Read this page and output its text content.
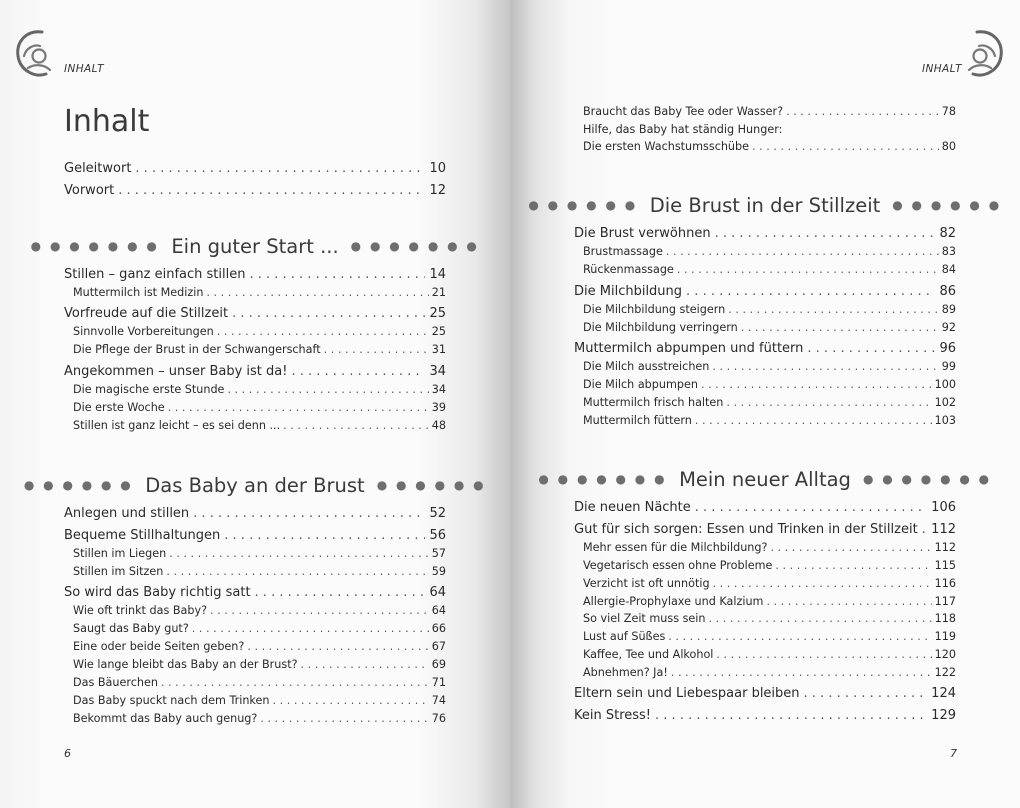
INHALT
Inhalt
Geleitwort . . .	10
Vorwort . . .	12
● ● ● ● ● ● ● Ein guter Start ... ● ● ● ● ● ● ●
Stillen – ganz einfach stillen . . .	14
Muttermilch ist Medizin . . .	21
Vorfreude auf die Stillzeit . . .	25
Sinnvolle Vorbereitungen . . .	25
Die Pflege der Brust in der Schwangerschaft . . .	31
Angekommen – unser Baby ist da! . . .	34
Die magische erste Stunde . . .	34
Die erste Woche . . .	39
Stillen ist ganz leicht – es sei denn ... . . .	48
● ● ● ● ● ● Das Baby an der Brust ● ● ● ● ● ●
Anlegen und stillen . . .	52
Bequeme Stillhaltungen . . .	56
Stillen im Liegen . . .	57
Stillen im Sitzen . . .	59
So wird das Baby richtig satt . . .	64
Wie oft trinkt das Baby? . . .	64
Saugt das Baby gut? . . .	66
Eine oder beide Seiten geben? . . .	67
Wie lange bleibt das Baby an der Brust? . . .	69
Das Bäuerchen . . .	71
Das Baby spuckt nach dem Trinken . . .	74
Bekommt das Baby auch genug? . . .	76
6
INHALT
Braucht das Baby Tee oder Wasser? . . .	78
Hilfe, das Baby hat ständig Hunger:
Die ersten Wachstumsschübe . . .	80
● ● ● ● ● ● Die Brust in der Stillzeit ● ● ● ● ● ●
Die Brust verwöhnen . . .	82
Brustmassage . . .	83
Rückenmassage . . .	84
Die Milchbildung . . .	86
Die Milchbildung steigern . . .	89
Die Milchbildung verringern . . .	92
Muttermilch abpumpen und füttern . . .	96
Die Milch ausstreichen . . .	99
Die Milch abpumpen . . .	100
Muttermilch frisch halten . . .	102
Muttermilch füttern . . .	103
● ● ● ● ● ● ● Mein neuer Alltag ● ● ● ● ● ● ●
Die neuen Nächte . . .	106
Gut für sich sorgen: Essen und Trinken in der Stillzeit . . . 112
Mehr essen für die Milchbildung? . . .	112
Vegetarisch essen ohne Probleme . . .	115
Verzicht ist oft unnötig . . .	116
Allergie-Prophylaxe und Kalzium . . .	117
So viel Zeit muss sein . . .	118
Lust auf Süßes . . .	119
Kaffee, Tee und Alkohol . . .	120
Abnehmen? Ja! . . .	122
Eltern sein und Liebespaar bleiben . . .	124
Kein Stress! . . .	129
7
